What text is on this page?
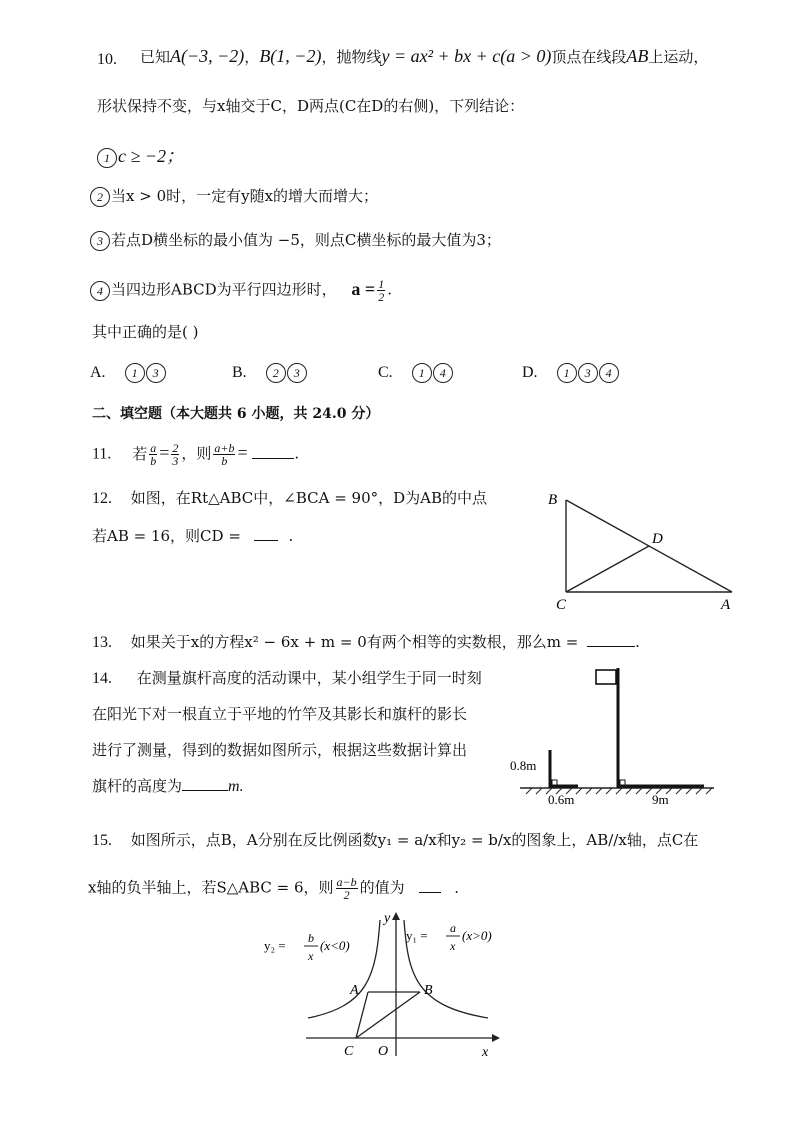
10. 已知A(−3, −2)，B(1, −2)，抛物线y = ax² + bx + c(a > 0)顶点在线段AB上运动，
形状保持不变，与x轴交于C，D两点(C在D的右侧)，下列结论：
1 c ≥ −2；
2 当x > 0时，一定有y随x的增大而增大；
3 若点D横坐标的最小值为 −5，则点C横坐标的最大值为3；
4 当四边形ABCD为平行四边形时， $a = \frac{1}{2}$ .
其中正确的是( )
A. 1 3	B. 2 3	C. 1 4	D. 1 3 4
二、填空题（本大题共 6 小题，共 24.0 分）
11. 若 $\frac{a}{b} = \frac{2}{3}$ ，则 $\frac{a+b}{b}$ =	.
12. 如图，在Rt△ABC中，∠BCA = 90°，D为AB的中点
若AB = 16，则CD =	.
B
D
C	A
13. 如果关于x的方程x² − 6x + m = 0有两个相等的实数根，那么m =	.
14. 在测量旗杆高度的活动课中，某小组学生于同一时刻
在阳光下对一根直立于平地的竹竿及其影长和旗杆的影长
进行了测量，得到的数据如图所示，根据这些数据计算出
旗杆的高度为	m.
0.8m
0.6m	9m
15. 如图所示，点B，A分别在反比例函数y₁ = a/x和y₂ = b/x的图象上，AB//x轴，点C在
x轴的负半轴上，若S△ABC = 6，则 $\frac{a-b}{2}$ 的值为	.
y
x
O
A	B
C
y₂ = b
x
(x<0)
y₁ = a
x
(x>0)
